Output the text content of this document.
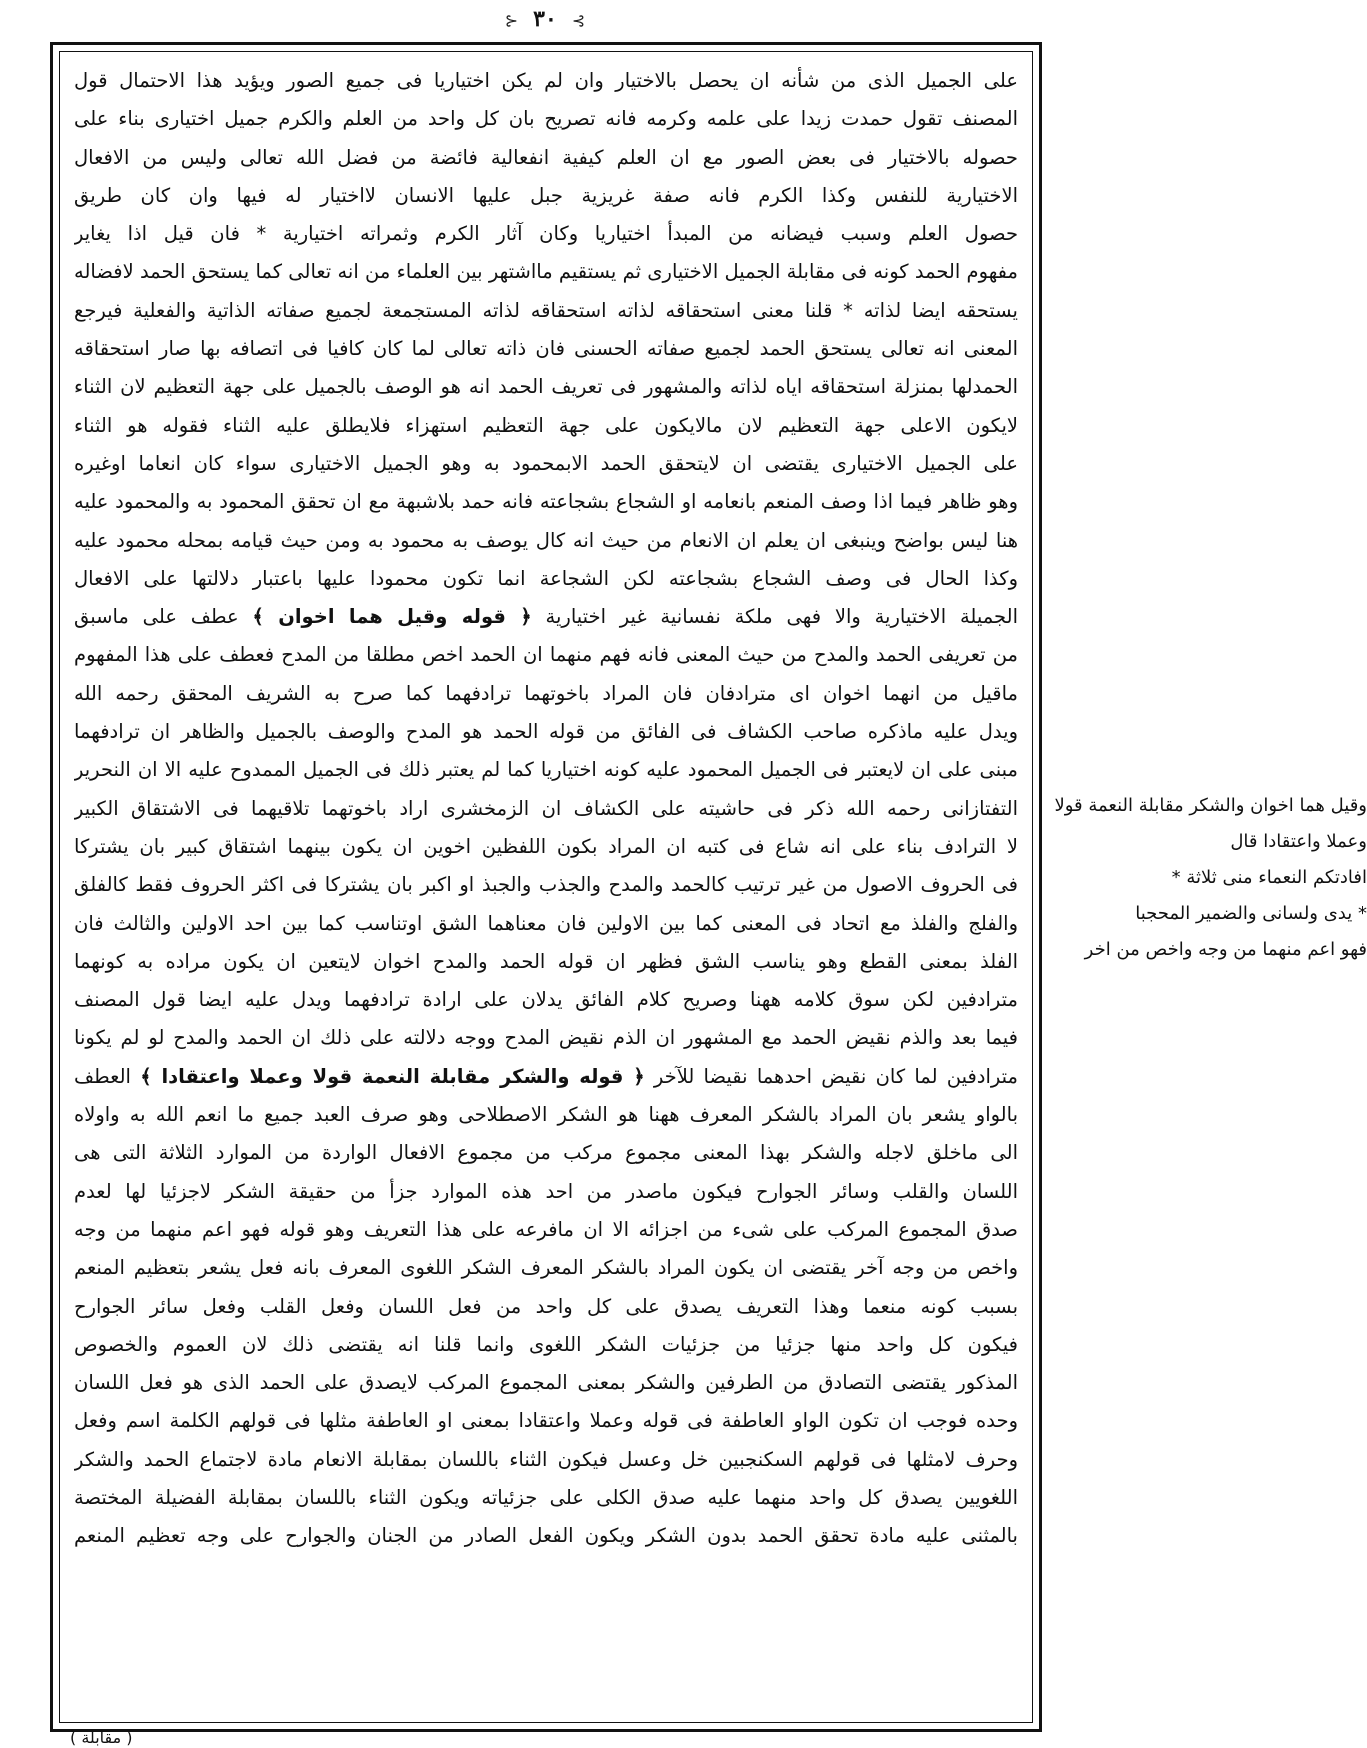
⊱ ٣٠ ⊰
على الجميل الذى من شأنه ان يحصل بالاختيار وان لم يكن اختياريا فى جميع الصور ويؤيد هذا الاحتمال قول
المصنف تقول حمدت زيدا على علمه وكرمه فانه تصريح بان كل واحد من العلم والكرم جميل اختيارى بناء على
حصوله بالاختيار فى بعض الصور مع ان العلم كيفية انفعالية فائضة من فضل الله تعالى وليس من الافعال
الاختيارية للنفس وكذا الكرم فانه صفة غريزية جبل عليها الانسان لااختيار له فيها وان كان طريق
حصول العلم وسبب فيضانه من المبدأ اختياريا وكان آثار الكرم وثمراته اختيارية * فان قيل اذا يغاير
مفهوم الحمد كونه فى مقابلة الجميل الاختيارى ثم يستقيم مااشتهر بين العلماء من انه تعالى كما يستحق الحمد لافضاله
يستحقه ايضا لذاته * قلنا معنى استحقاقه لذاته استحقاقه لذاته المستجمعة لجميع صفاته الذاتية والفعلية فيرجع
المعنى انه تعالى يستحق الحمد لجميع صفاته الحسنى فان ذاته تعالى لما كان كافيا فى اتصافه بها صار استحقاقه
الحمدلها بمنزلة استحقاقه اياه لذاته والمشهور فى تعريف الحمد انه هو الوصف بالجميل على جهة التعظيم لان الثناء
لايكون الاعلى جهة التعظيم لان مالايكون على جهة التعظيم استهزاء فلايطلق عليه الثناء فقوله هو الثناء
على الجميل الاختيارى يقتضى ان لايتحقق الحمد الابمحمود به وهو الجميل الاختيارى سواء كان انعاما اوغيره
وهو ظاهر فيما اذا وصف المنعم بانعامه او الشجاع بشجاعته فانه حمد بلاشبهة مع ان تحقق المحمود به والمحمود عليه
هنا ليس بواضح وينبغى ان يعلم ان الانعام من حيث انه كال يوصف به محمود به ومن حيث قيامه بمحله محمود عليه
وكذا الحال فى وصف الشجاع بشجاعته لكن الشجاعة انما تكون محمودا عليها باعتبار دلالتها على الافعال
الجميلة الاختيارية والا فهى ملكة نفسانية غير اختيارية ﴿ قوله وقيل هما اخوان ﴾ عطف على ماسبق
من تعريفى الحمد والمدح من حيث المعنى فانه فهم منهما ان الحمد اخص مطلقا من المدح فعطف على هذا المفهوم
ماقيل من انهما اخوان اى مترادفان فان المراد باخوتهما ترادفهما كما صرح به الشريف المحقق رحمه الله
ويدل عليه ماذكره صاحب الكشاف فى الفائق من قوله الحمد هو المدح والوصف بالجميل والظاهر ان ترادفهما
مبنى على ان لايعتبر فى الجميل المحمود عليه كونه اختياريا كما لم يعتبر ذلك فى الجميل الممدوح عليه الا ان النحرير
التفتازانى رحمه الله ذكر فى حاشيته على الكشاف ان الزمخشرى اراد باخوتهما تلاقيهما فى الاشتقاق الكبير
لا الترادف بناء على انه شاع فى كتبه ان المراد بكون اللفظين اخوين ان يكون بينهما اشتقاق كبير بان يشتركا
فى الحروف الاصول من غير ترتيب كالحمد والمدح والجذب والجبذ او اكبر بان يشتركا فى اكثر الحروف فقط كالفلق
والفلج والفلذ مع اتحاد فى المعنى كما بين الاولين فان معناهما الشق اوتناسب كما بين احد الاولين والثالث فان
الفلذ بمعنى القطع وهو يناسب الشق فظهر ان قوله الحمد والمدح اخوان لايتعين ان يكون مراده به كونهما
مترادفين لكن سوق كلامه ههنا وصريح كلام الفائق يدلان على ارادة ترادفهما ويدل عليه ايضا قول المصنف
فيما بعد والذم نقيض الحمد مع المشهور ان الذم نقيض المدح ووجه دلالته على ذلك ان الحمد والمدح لو لم يكونا
مترادفين لما كان نقيض احدهما نقيضا للآخر ﴿ قوله والشكر مقابلة النعمة قولا وعملا واعتقادا ﴾ العطف
بالواو يشعر بان المراد بالشكر المعرف ههنا هو الشكر الاصطلاحى وهو صرف العبد جميع ما انعم الله به واولاه
الى ماخلق لاجله والشكر بهذا المعنى مجموع مركب من مجموع الافعال الواردة من الموارد الثلاثة التى هى
اللسان والقلب وسائر الجوارح فيكون ماصدر من احد هذه الموارد جزأ من حقيقة الشكر لاجزئيا لها لعدم
صدق المجموع المركب على شىء من اجزائه الا ان مافرعه على هذا التعريف وهو قوله فهو اعم منهما من وجه
واخص من وجه آخر يقتضى ان يكون المراد بالشكر المعرف الشكر اللغوى المعرف بانه فعل يشعر بتعظيم المنعم
بسبب كونه منعما وهذا التعريف يصدق على كل واحد من فعل اللسان وفعل القلب وفعل سائر الجوارح
فيكون كل واحد منها جزئيا من جزئيات الشكر اللغوى وانما قلنا انه يقتضى ذلك لان العموم والخصوص
المذكور يقتضى التصادق من الطرفين والشكر بمعنى المجموع المركب لايصدق على الحمد الذى هو فعل اللسان
وحده فوجب ان تكون الواو العاطفة فى قوله وعملا واعتقادا بمعنى او العاطفة مثلها فى قولهم الكلمة اسم وفعل
وحرف لامثلها فى قولهم السكنجبين خل وعسل فيكون الثناء باللسان بمقابلة الانعام مادة لاجتماع الحمد والشكر
اللغويين يصدق كل واحد منهما عليه صدق الكلى على جزئياته ويكون الثناء باللسان بمقابلة الفضيلة المختصة
بالمثنى عليه مادة تحقق الحمد بدون الشكر ويكون الفعل الصادر من الجنان والجوارح على وجه تعظيم المنعم
وقيل هما اخوان والشكر مقابلة النعمة قولا
وعملا واعتقادا قال
افادتكم النعماء منى ثلاثة *
* يدى ولسانى والضمير المحجبا
فهو اعم منهما من وجه واخص من اخر
( مقابلة )
